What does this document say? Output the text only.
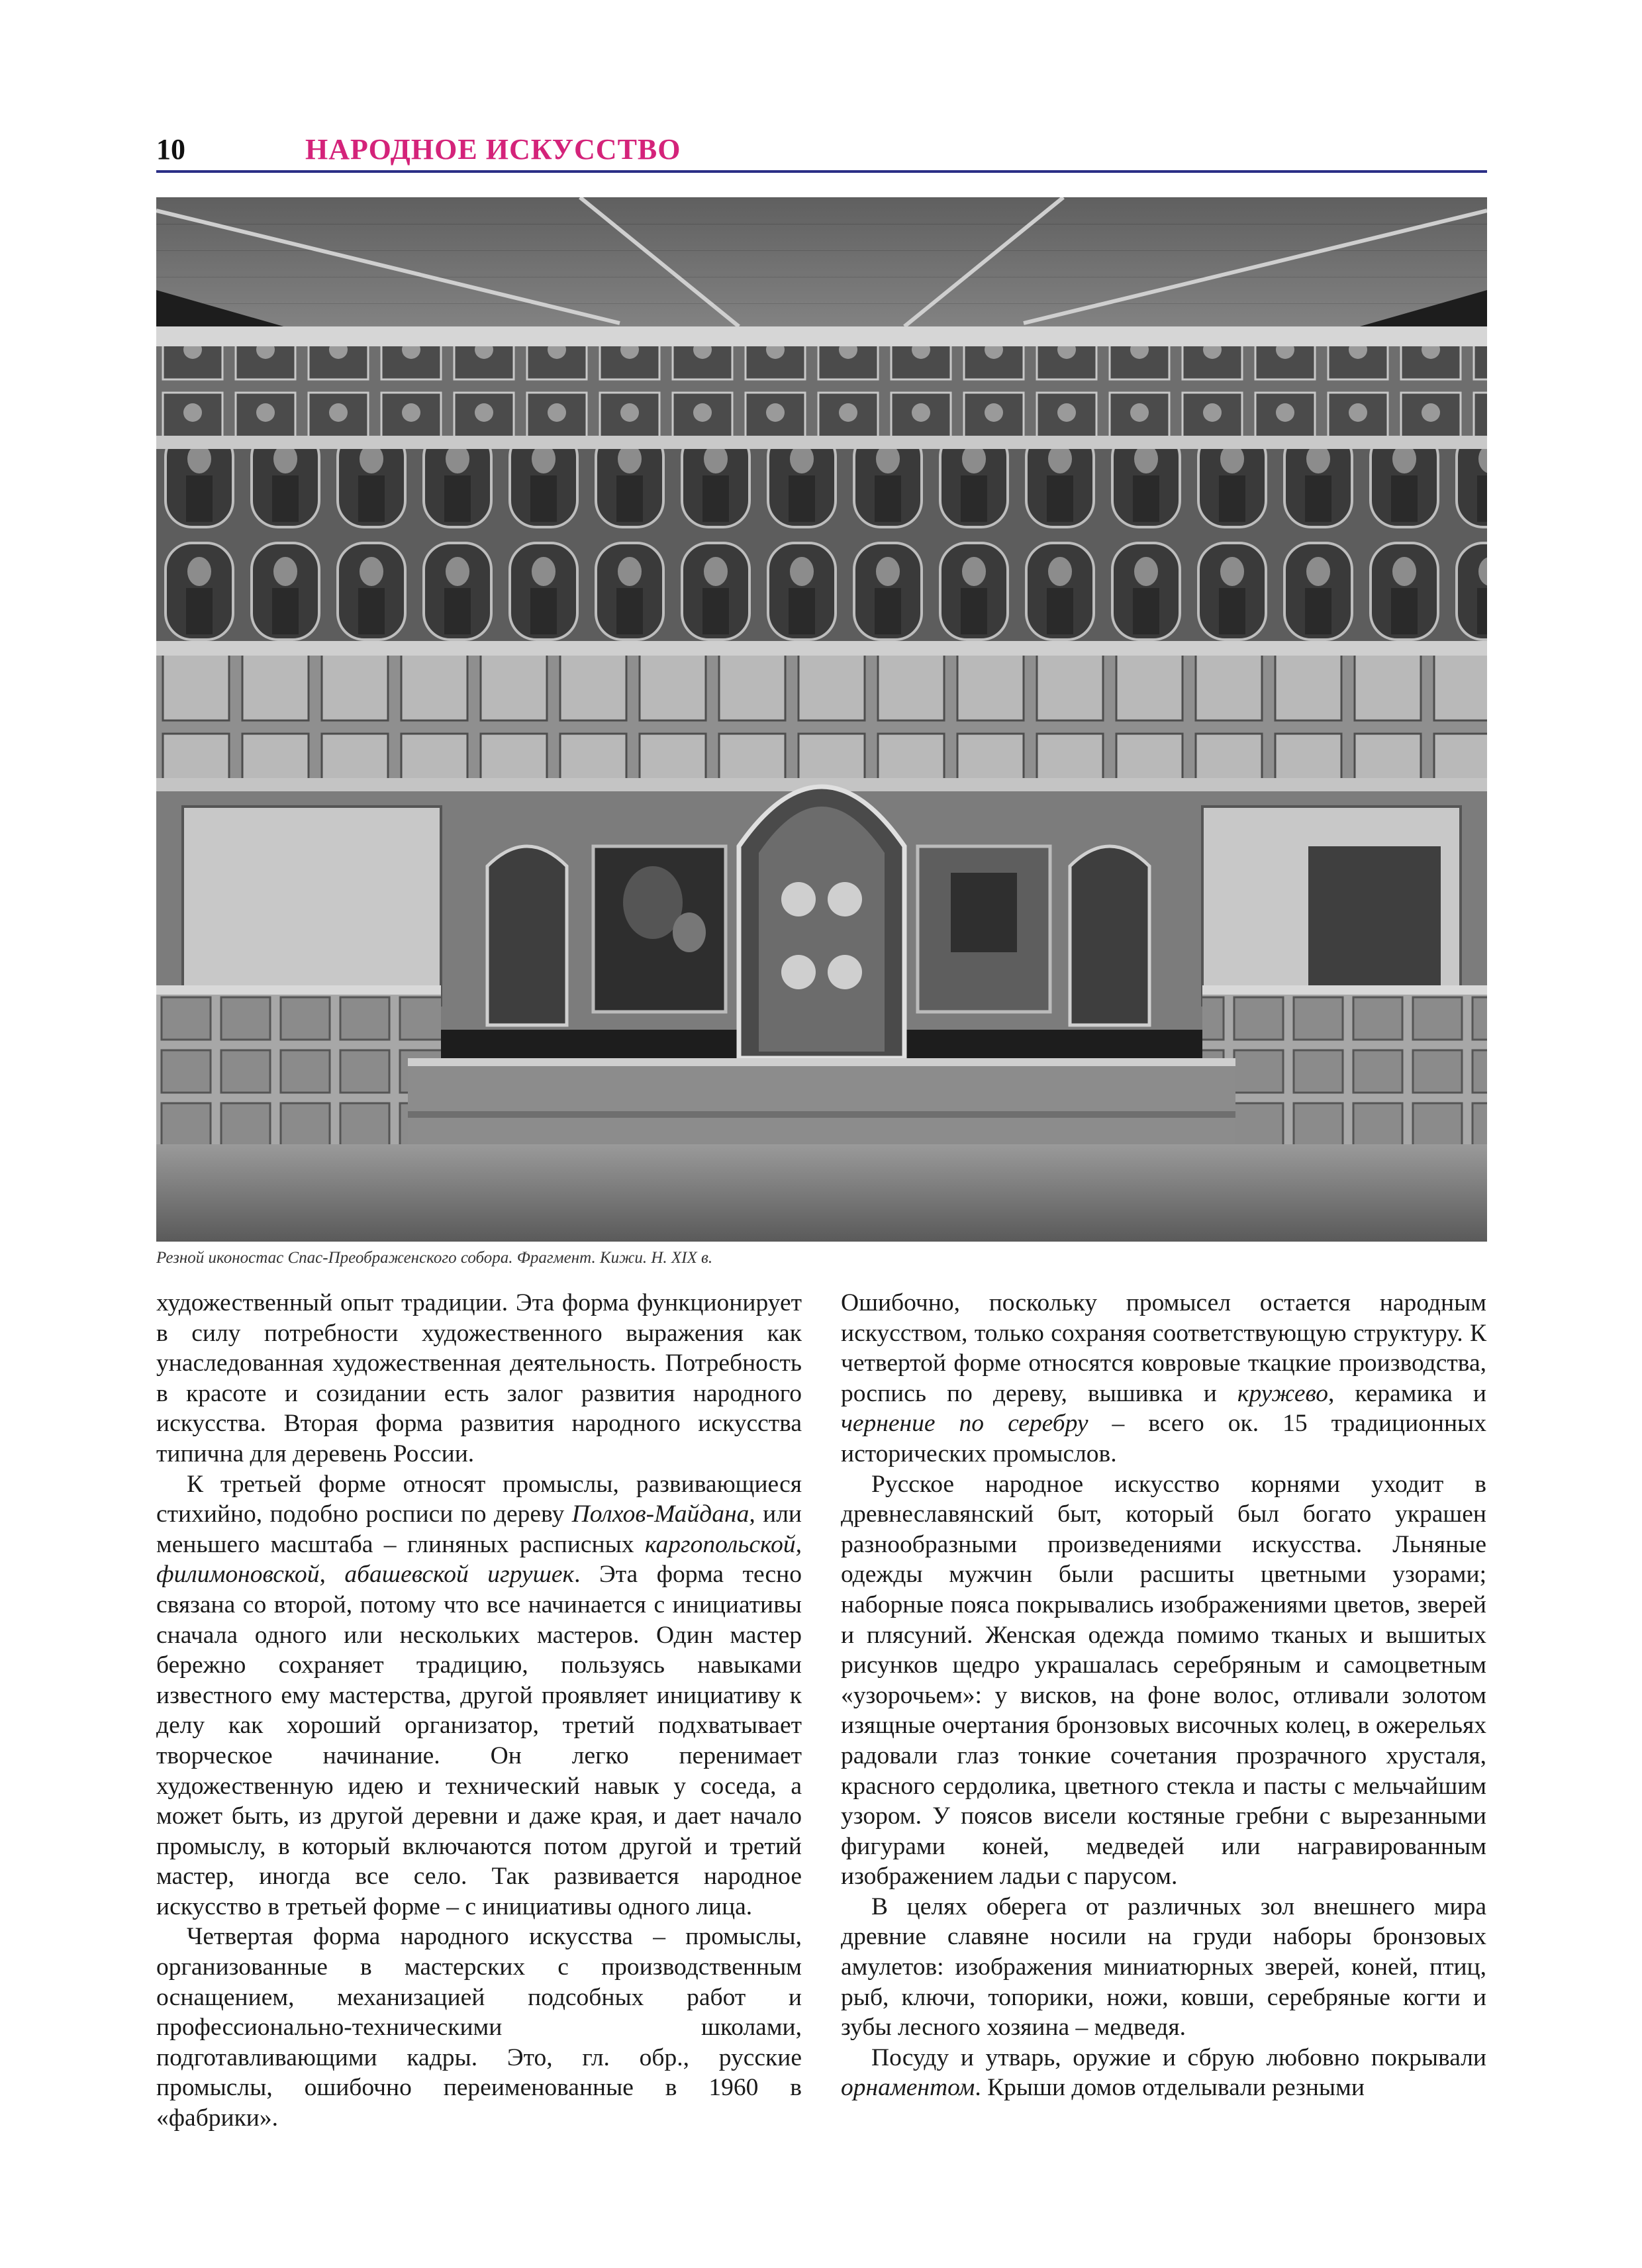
10	НАРОДНОЕ ИСКУССТВО
Резной иконостас Спас-Преображенского собора. Фрагмент. Кижи. Н. XIX в.

художественный опыт традиции. Эта форма функционирует в силу потребности художественного выражения как унаследованная художественная деятельность. Потребность в красоте и созидании есть залог развития народного искусства. Вторая форма развития народного искусства типична для деревень России.

К третьей форме относят промыслы, развивающиеся стихийно, подобно росписи по дереву Полхов-Майдана, или меньшего масштаба – глиняных расписных каргопольской, филимоновской, абашевской игрушек. Эта форма тесно связана со второй, потому что все начинается с инициативы сначала одного или нескольких мастеров. Один мастер бережно сохраняет традицию, пользуясь навыками известного ему мастерства, другой проявляет инициативу к делу как хороший организатор, третий подхватывает творческое начинание. Он легко перенимает художественную идею и технический навык у соседа, а может быть, из другой деревни и даже края, и дает начало промыслу, в который включаются потом другой и третий мастер, иногда все село. Так развивается народное искусство в третьей форме – с инициативы одного лица.

Четвертая форма народного искусства – промыслы, организованные в мастерских с производственным оснащением, механизацией подсобных работ и профессионально-техническими школами, подготавливающими кадры. Это, гл. обр., русские промыслы, ошибочно переименованные в 1960 в «фабрики».

Ошибочно, поскольку промысел остается народным искусством, только сохраняя соответствующую структуру. К четвертой форме относятся ковровые ткацкие производства, роспись по дереву, вышивка и кружево, керамика и чернение по серебру – всего ок. 15 традиционных исторических промыслов.

Русское народное искусство корнями уходит в древнеславянский быт, который был богато украшен разнообразными произведениями искусства. Льняные одежды мужчин были расшиты цветными узорами; наборные пояса покрывались изображениями цветов, зверей и плясуний. Женская одежда помимо тканых и вышитых рисунков щедро украшалась серебряным и самоцветным «узорочьем»: у висков, на фоне волос, отливали золотом изящные очертания бронзовых височных колец, в ожерельях радовали глаз тонкие сочетания прозрачного хрусталя, красного сердолика, цветного стекла и пасты с мельчайшим узором. У поясов висели костяные гребни с вырезанными фигурами коней, медведей или награвированным изображением ладьи с парусом.

В целях оберега от различных зол внешнего мира древние славяне носили на груди наборы бронзовых амулетов: изображения миниатюрных зверей, коней, птиц, рыб, ключи, топорики, ножи, ковши, серебряные когти и зубы лесного хозяина – медведя.

Посуду и утварь, оружие и сбрую любовно покрывали орнаментом. Крыши домов отделывали резными
